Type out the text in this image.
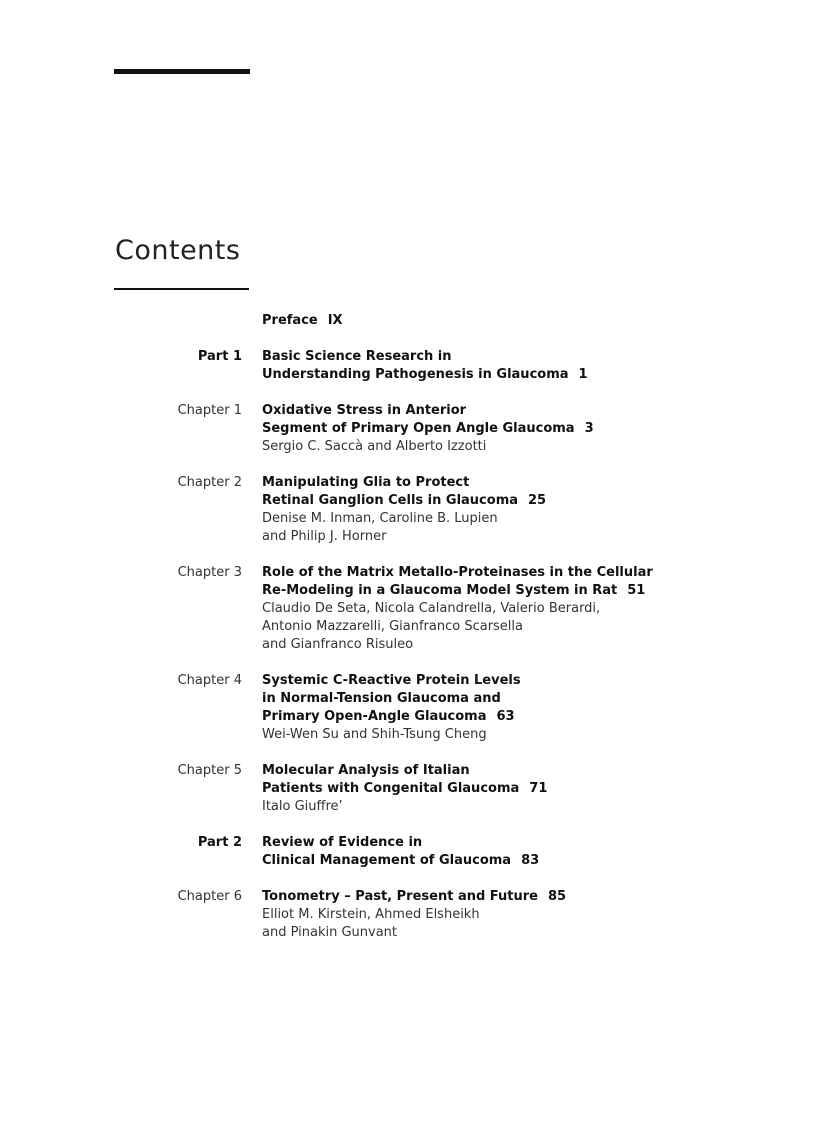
Contents
Preface IX
Part 1 Basic Science Research in
Understanding Pathogenesis in Glaucoma 1
Chapter 1 Oxidative Stress in Anterior
Segment of Primary Open Angle Glaucoma 3
Sergio C. Saccà and Alberto Izzotti
Chapter 2 Manipulating Glia to Protect
Retinal Ganglion Cells in Glaucoma 25
Denise M. Inman, Caroline B. Lupien
and Philip J. Horner
Chapter 3 Role of the Matrix Metallo-Proteinases in the Cellular
Re-Modeling in a Glaucoma Model System in Rat 51
Claudio De Seta, Nicola Calandrella, Valerio Berardi,
Antonio Mazzarelli, Gianfranco Scarsella
and Gianfranco Risuleo
Chapter 4 Systemic C-Reactive Protein Levels
in Normal-Tension Glaucoma and
Primary Open-Angle Glaucoma 63
Wei-Wen Su and Shih-Tsung Cheng
Chapter 5 Molecular Analysis of Italian
Patients with Congenital Glaucoma 71
Italo Giuffre’
Part 2 Review of Evidence in
Clinical Management of Glaucoma 83
Chapter 6 Tonometry – Past, Present and Future 85
Elliot M. Kirstein, Ahmed Elsheikh
and Pinakin Gunvant
